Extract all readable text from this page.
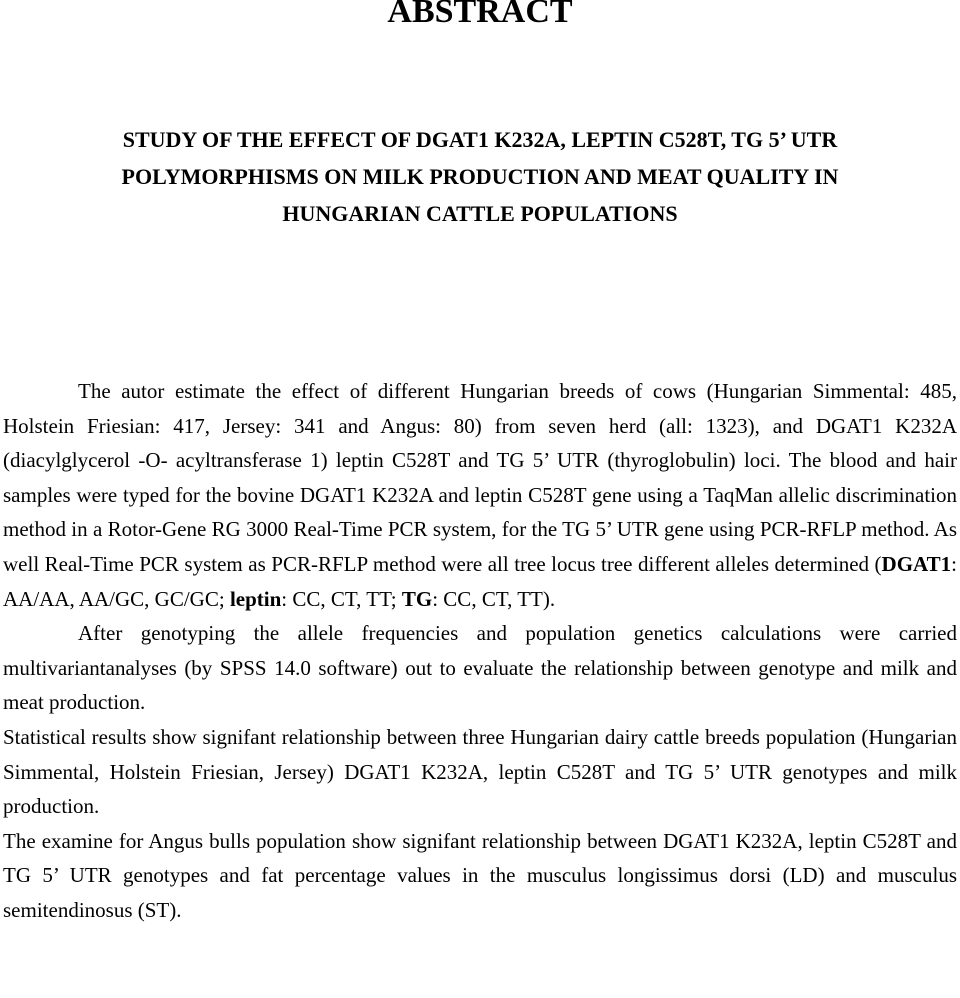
ABSTRACT
STUDY OF THE EFFECT OF DGAT1 K232A, LEPTIN C528T, TG 5’ UTR
POLYMORPHISMS ON MILK PRODUCTION AND MEAT QUALITY IN
HUNGARIAN CATTLE POPULATIONS

The autor estimate the effect of different Hungarian breeds of cows (Hungarian Simmental: 485, Holstein Friesian: 417, Jersey: 341 and Angus: 80) from seven herd (all: 1323), and DGAT1 K232A (diacylglycerol -O- acyltransferase 1) leptin C528T and TG 5’ UTR (thyroglobulin) loci. The blood and hair samples were typed for the bovine DGAT1 K232A and leptin C528T gene using a TaqMan allelic discrimination method in a Rotor-Gene RG 3000 Real-Time PCR system, for the TG 5’ UTR gene using PCR-RFLP method. As well Real-Time PCR system as PCR-RFLP method were all tree locus tree different alleles determined (DGAT1: AA/AA, AA/GC, GC/GC; leptin: CC, CT, TT; TG: CC, CT, TT).

After genotyping the allele frequencies and population genetics calculations were carried multivariantanalyses (by SPSS 14.0 software) out to evaluate the relationship between genotype and milk and meat production.

Statistical results show signifant relationship between three Hungarian dairy cattle breeds population (Hungarian Simmental, Holstein Friesian, Jersey) DGAT1 K232A, leptin C528T and TG 5’ UTR genotypes and milk production.

The examine for Angus bulls population show signifant relationship between DGAT1 K232A, leptin C528T and TG 5’ UTR genotypes and fat percentage values in the musculus longissimus dorsi (LD) and musculus semitendinosus (ST).
